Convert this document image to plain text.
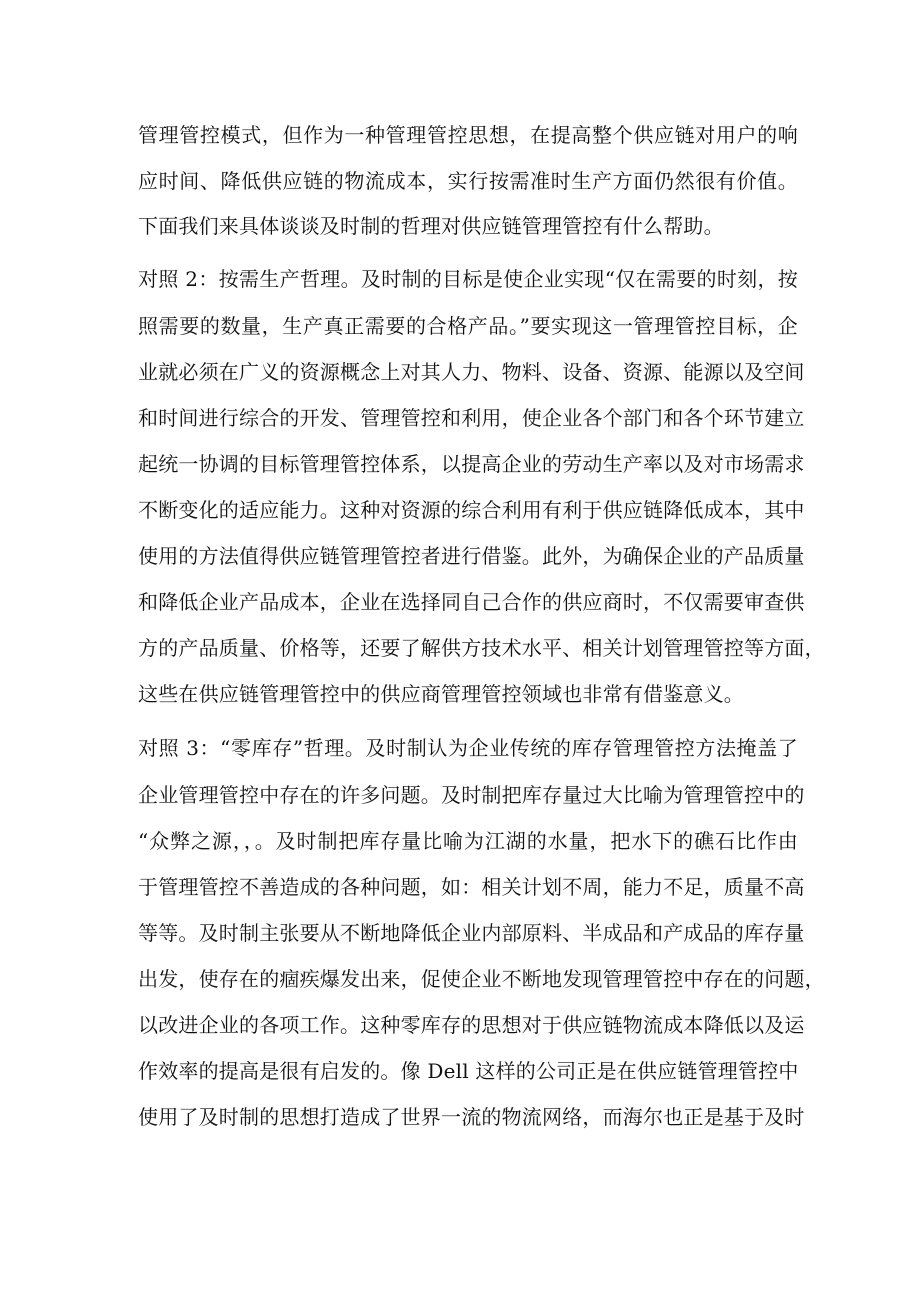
管理管控模式，但作为一种管理管控思想，在提高整个供应链对用户的响
应时间、降低供应链的物流成本，实行按需准时生产方面仍然很有价值。
下面我们来具体谈谈及时制的哲理对供应链管理管控有什么帮助。
对照 2：按需生产哲理。及时制的目标是使企业实现“仅在需要的时刻，按
照需要的数量，生产真正需要的合格产品。”要实现这一管理管控目标，企
业就必须在广义的资源概念上对其人力、物料、设备、资源、能源以及空间
和时间进行综合的开发、管理管控和利用，使企业各个部门和各个环节建立
起统一协调的目标管理管控体系，以提高企业的劳动生产率以及对市场需求
不断变化的适应能力。这种对资源的综合利用有利于供应链降低成本，其中
使用的方法值得供应链管理管控者进行借鉴。此外，为确保企业的产品质量
和降低企业产品成本，企业在选择同自己合作的供应商时，不仅需要审查供
方的产品质量、价格等，还要了解供方技术水平、相关计划管理管控等方面，
这些在供应链管理管控中的供应商管理管控领域也非常有借鉴意义。
对照 3：“零库存”哲理。及时制认为企业传统的库存管理管控方法掩盖了
企业管理管控中存在的许多问题。及时制把库存量过大比喻为管理管控中的
“众弊之源，，。及时制把库存量比喻为江湖的水量，把水下的礁石比作由
于管理管控不善造成的各种问题，如：相关计划不周，能力不足，质量不高
等等。及时制主张要从不断地降低企业内部原料、半成品和产成品的库存量
出发，使存在的痼疾爆发出来，促使企业不断地发现管理管控中存在的问题，
以改进企业的各项工作。这种零库存的思想对于供应链物流成本降低以及运
作效率的提高是很有启发的。像 Dell 这样的公司正是在供应链管理管控中
使用了及时制的思想打造成了世界一流的物流网络，而海尔也正是基于及时
